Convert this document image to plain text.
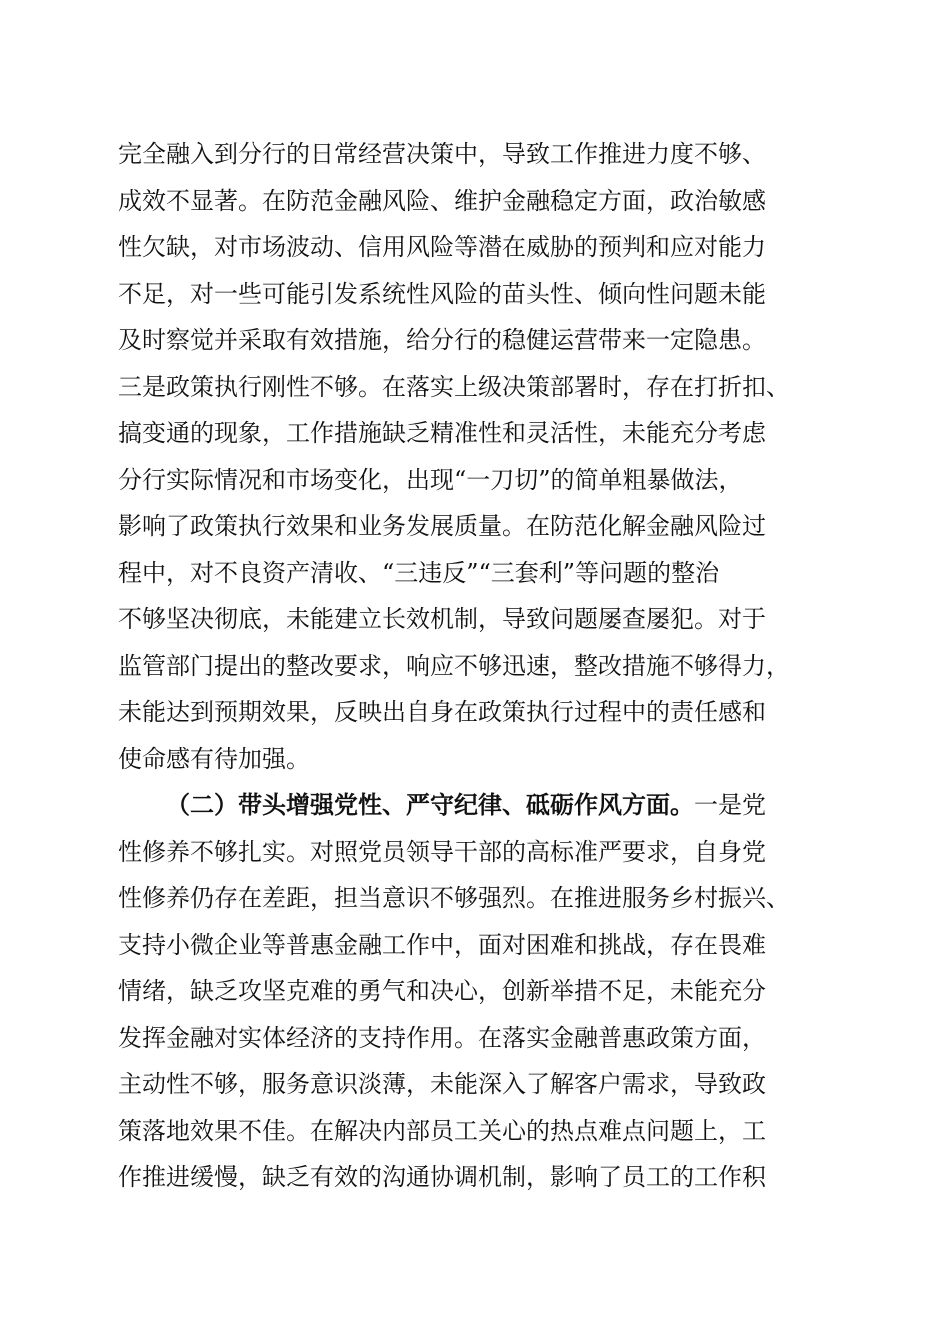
完全融入到分行的日常经营决策中，导致工作推进力度不够、
成效不显著。在防范金融风险、维护金融稳定方面，政治敏感
性欠缺，对市场波动、信用风险等潜在威胁的预判和应对能力
不足，对一些可能引发系统性风险的苗头性、倾向性问题未能
及时察觉并采取有效措施，给分行的稳健运营带来一定隐患。
三是政策执行刚性不够。在落实上级决策部署时，存在打折扣、
搞变通的现象，工作措施缺乏精准性和灵活性，未能充分考虑
分行实际情况和市场变化，出现“一刀切”的简单粗暴做法，
影响了政策执行效果和业务发展质量。在防范化解金融风险过
程中，对不良资产清收、“三违反”“三套利”等问题的整治
不够坚决彻底，未能建立长效机制，导致问题屡查屡犯。对于
监管部门提出的整改要求，响应不够迅速，整改措施不够得力，
未能达到预期效果，反映出自身在政策执行过程中的责任感和
使命感有待加强。
（二）带头增强党性、严守纪律、砥砺作风方面。一是党
性修养不够扎实。对照党员领导干部的高标准严要求，自身党
性修养仍存在差距，担当意识不够强烈。在推进服务乡村振兴、
支持小微企业等普惠金融工作中，面对困难和挑战，存在畏难
情绪，缺乏攻坚克难的勇气和决心，创新举措不足，未能充分
发挥金融对实体经济的支持作用。在落实金融普惠政策方面，
主动性不够，服务意识淡薄，未能深入了解客户需求，导致政
策落地效果不佳。在解决内部员工关心的热点难点问题上，工
作推进缓慢，缺乏有效的沟通协调机制，影响了员工的工作积
